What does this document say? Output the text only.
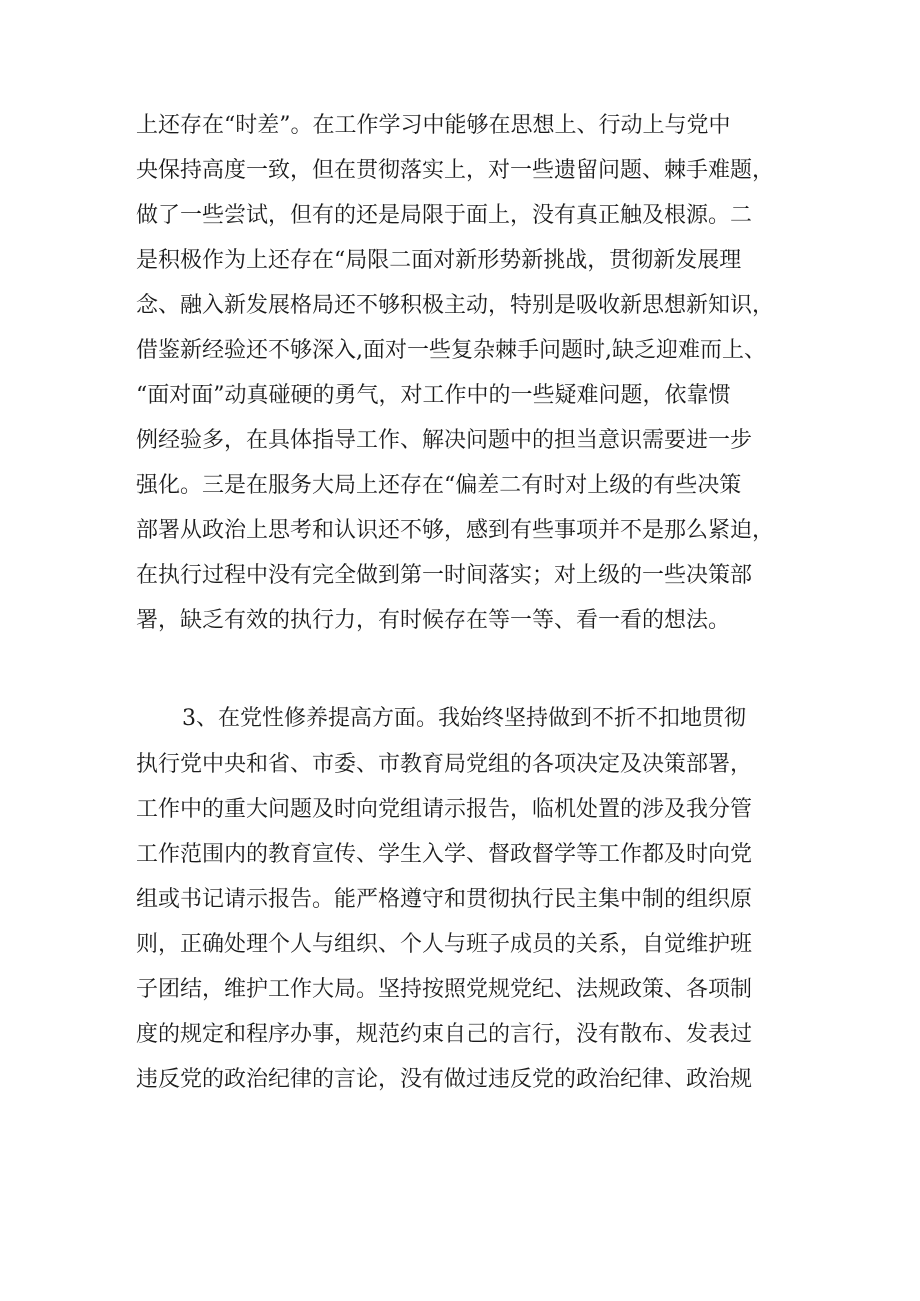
上还存在“时差”。在工作学习中能够在思想上、行动上与党中
央保持高度一致，但在贯彻落实上，对一些遗留问题、棘手难题，
做了一些尝试，但有的还是局限于面上，没有真正触及根源。二
是积极作为上还存在“局限二面对新形势新挑战，贯彻新发展理
念、融入新发展格局还不够积极主动，特别是吸收新思想新知识，
借鉴新经验还不够深入,面对一些复杂棘手问题时,缺乏迎难而上、
“面对面”动真碰硬的勇气，对工作中的一些疑难问题，依靠惯
例经验多，在具体指导工作、解决问题中的担当意识需要进一步
强化。三是在服务大局上还存在“偏差二有时对上级的有些决策
部署从政治上思考和认识还不够，感到有些事项并不是那么紧迫，
在执行过程中没有完全做到第一时间落实；对上级的一些决策部
署，缺乏有效的执行力，有时候存在等一等、看一看的想法。
3、在党性修养提高方面。我始终坚持做到不折不扣地贯彻
执行党中央和省、市委、市教育局党组的各项决定及决策部署，
工作中的重大问题及时向党组请示报告，临机处置的涉及我分管
工作范围内的教育宣传、学生入学、督政督学等工作都及时向党
组或书记请示报告。能严格遵守和贯彻执行民主集中制的组织原
则，正确处理个人与组织、个人与班子成员的关系，自觉维护班
子团结，维护工作大局。坚持按照党规党纪、法规政策、各项制
度的规定和程序办事，规范约束自己的言行，没有散布、发表过
违反党的政治纪律的言论，没有做过违反党的政治纪律、政治规
